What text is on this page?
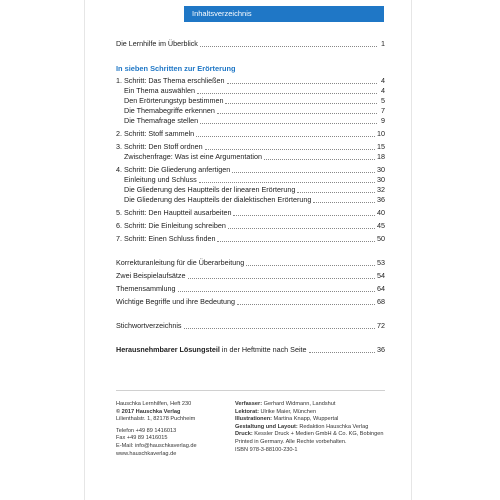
Inhaltsverzeichnis
Die Lernhilfe im Überblick	1
In sieben Schritten zur Erörterung
1. Schritt: Das Thema erschließen	4
Ein Thema auswählen	4
Den Erörterungstyp bestimmen	5
Die Themabegriffe erkennen	7
Die Themafrage stellen	9
2. Schritt: Stoff sammeln	10
3. Schritt: Den Stoff ordnen	15
Zwischenfrage: Was ist eine Argumentation	18
4. Schritt: Die Gliederung anfertigen	30
Einleitung und Schluss	30
Die Gliederung des Hauptteils der linearen Erörterung	32
Die Gliederung des Hauptteils der dialektischen Erörterung	36
5. Schritt: Den Hauptteil ausarbeiten	40
6. Schritt: Die Einleitung schreiben	45
7. Schritt: Einen Schluss finden	50
Korrekturanleitung für die Überarbeitung	53
Zwei Beispielaufsätze	54
Themensammlung	64
Wichtige Begriffe und ihre Bedeutung	68
Stichwortverzeichnis	72
Herausnehmbarer Lösungsteil in der Heftmitte nach Seite	36
Hauschka Lernhilfen, Heft 230
© 2017 Hauschka Verlag
Lilienthalstr. 1, 82178 Puchheim
Telefon +49 89 1416013
Fax +49 89 1416015
E-Mail: info@hauschkaverlag.de
www.hauschkaverlag.de
Verfasser: Gerhard Widmann, Landshut
Lektorat: Ulrike Maier, München
Illustrationen: Martina Knapp, Wuppertal
Gestaltung und Layout: Redaktion Hauschka Verlag
Druck: Kessler Druck + Medien GmbH & Co. KG, Bobingen
Printed in Germany. Alle Rechte vorbehalten.
ISBN 978-3-88100-230-1
